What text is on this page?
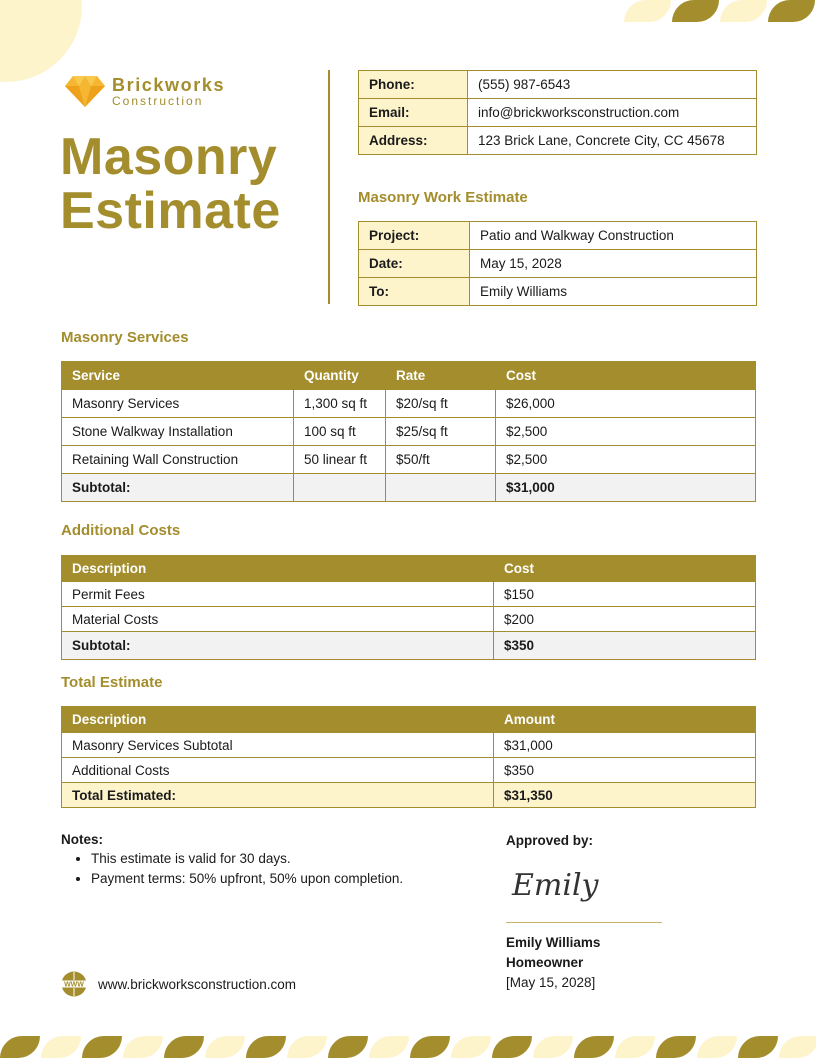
Brickworks
Construction
Masonry
Estimate
Phone:	(555) 987-6543
Email:	info@brickworksconstruction.com
Address:	123 Brick Lane, Concrete City, CC 45678
Masonry Work Estimate
Project:	Patio and Walkway Construction
Date:	May 15, 2028
To:	Emily Williams
Masonry Services
Service	Quantity	Rate	Cost
Masonry Services	1,300 sq ft	$20/sq ft	$26,000
Stone Walkway Installation	100 sq ft	$25/sq ft	$2,500
Retaining Wall Construction	50 linear ft	$50/ft	$2,500
Subtotal:			$31,000
Additional Costs
Description	Cost
Permit Fees	$150
Material Costs	$200
Subtotal:	$350
Total Estimate
Description	Amount
Masonry Services Subtotal	$31,000
Additional Costs	$350
Total Estimated:	$31,350
Notes:
• This estimate is valid for 30 days.
• Payment terms: 50% upfront, 50% upon completion.
Approved by:
Emily
Emily Williams
Homeowner
[May 15, 2028]
WWW www.brickworksconstruction.com
